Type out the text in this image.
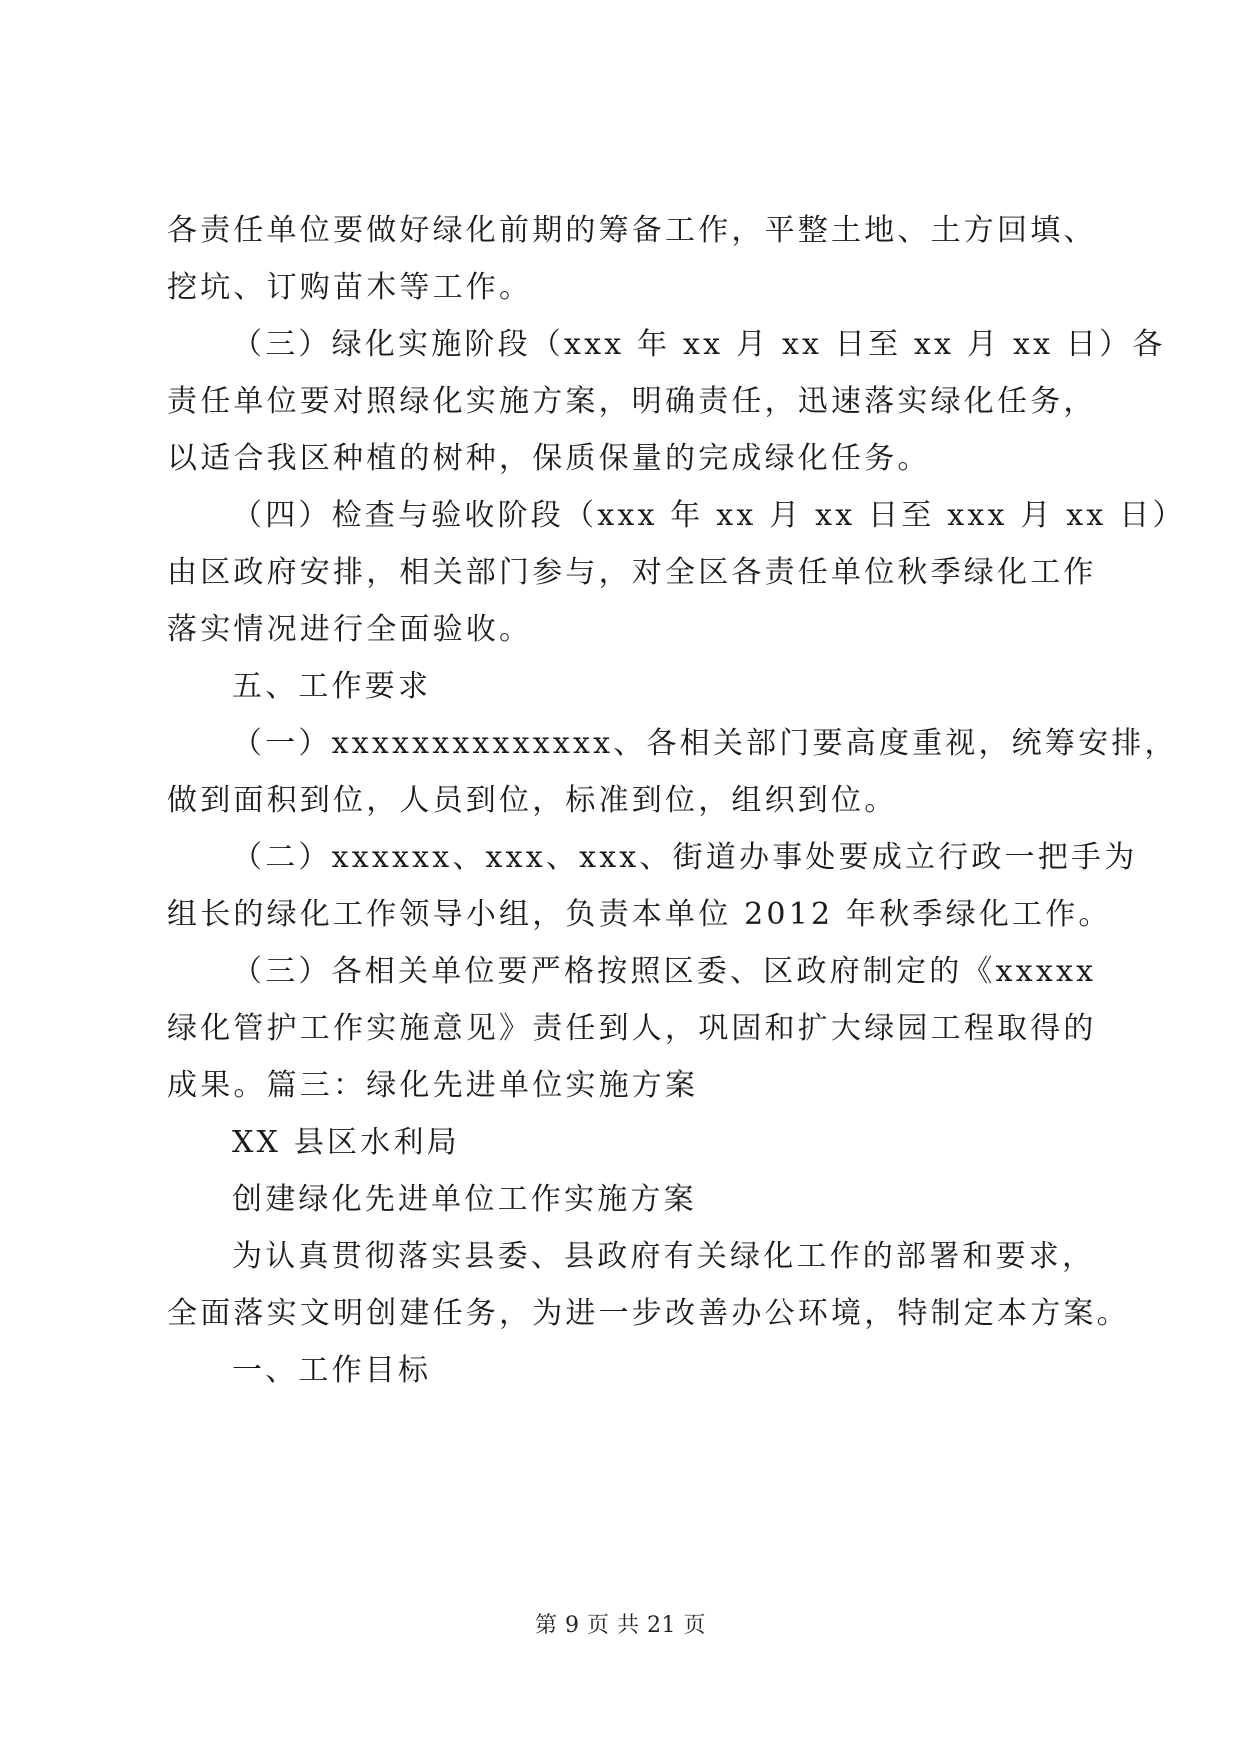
各责任单位要做好绿化前期的筹备工作，平整土地、土方回填、
挖坑、订购苗木等工作。
（三）绿化实施阶段（xxx 年 xx 月 xx 日至 xx 月 xx 日）各
责任单位要对照绿化实施方案，明确责任，迅速落实绿化任务，
以适合我区种植的树种，保质保量的完成绿化任务。
（四）检查与验收阶段（xxx 年 xx 月 xx 日至 xxx 月 xx 日）
由区政府安排，相关部门参与，对全区各责任单位秋季绿化工作
落实情况进行全面验收。
五、工作要求
（一）xxxxxxxxxxxxxx、各相关部门要高度重视，统筹安排，
做到面积到位，人员到位，标准到位，组织到位。
（二）xxxxxx、xxx、xxx、街道办事处要成立行政一把手为
组长的绿化工作领导小组，负责本单位 2012 年秋季绿化工作。
（三）各相关单位要严格按照区委、区政府制定的《xxxxx
绿化管护工作实施意见》责任到人，巩固和扩大绿园工程取得的
成果。篇三：绿化先进单位实施方案
XX 县区水利局
创建绿化先进单位工作实施方案
为认真贯彻落实县委、县政府有关绿化工作的部署和要求，
全面落实文明创建任务，为进一步改善办公环境，特制定本方案。
一、工作目标
第 9 页 共 21 页
